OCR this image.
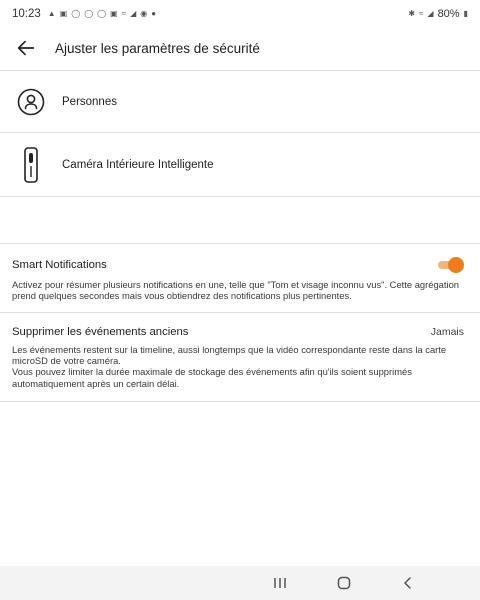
10:23 ▲ ▣ ◯ ◯ ◯ ▣ ≈ ◢ ◉ ●	✱ ≈ ◢ 80% ▮
Ajuster les paramètres de sécurité
Personnes
Caméra Intérieure Intelligente
Smart Notifications
Activez pour résumer plusieurs notifications en une, telle que "Tom et visage inconnu vus". Cette agrégation prend quelques secondes mais vous obtiendrez des notifications plus pertinentes.
Supprimer les événements anciens	Jamais
Les événements restent sur la timeline, aussi longtemps que la vidéo correspondante reste dans la carte microSD de votre caméra.
Vous pouvez limiter la durée maximale de stockage des événements afin qu'ils soient supprimés automatiquement après un certain délai.
